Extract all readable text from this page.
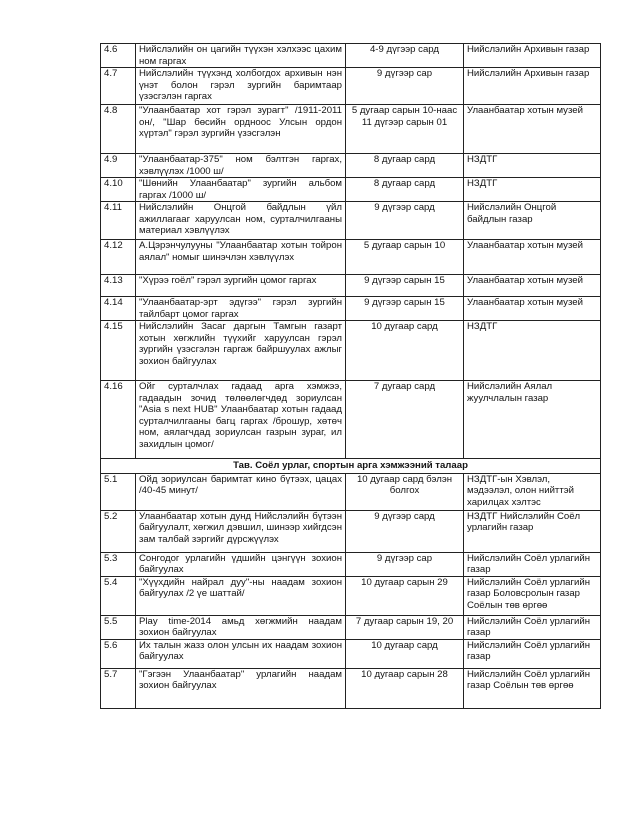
4.6	Нийслэлийн он цагийн түүхэн хэлхээс цахим ном гаргах	4-9 дүгээр сард	Нийслэлийн Архивын газар
4.7	Нийслэлийн түүхэнд холбогдох архивын нэн үнэт болон гэрэл зургийн баримтаар үзэсгэлэн гаргах	9 дүгээр сар	Нийслэлийн Архивын газар
4.8	"Улаанбаатар хот гэрэл зурагт" /1911-2011 он/, "Шар бөсийн ордноос Улсын ордон хүртэл" гэрэл зургийн үзэсгэлэн	5 дугаар сарын 10-наас 11 дүгээр сарын 01	Улаанбаатар хотын музей
4.9	"Улаанбаатар-375" ном бэлтгэн гаргах, хэвлүүлэх /1000 ш/	8 дугаар сард	НЗДТГ
4.10	"Шөнийн Улаанбаатар" зургийн альбом гаргах /1000 ш/	8 дугаар сард	НЗДТГ
4.11	Нийслэлийн Онцгой байдлын үйл ажиллагааг харуулсан ном, сурталчилгааны материал хэвлүүлэх	9 дүгээр сард	Нийслэлийн Онцгой байдлын газар
4.12	А.Цэрэнчулууны "Улаанбаатар хотын тойрон аялал" номыг шинэчлэн хэвлүүлэх	5 дугаар сарын 10	Улаанбаатар хотын музей
4.13	"Хүрээ гоёл" гэрэл зургийн цомог гаргах	9 дүгээр сарын 15	Улаанбаатар хотын музей
4.14	"Улаанбаатар-эрт эдүгээ" гэрэл зургийн тайлбарт цомог гаргах	9 дүгээр сарын 15	Улаанбаатар хотын музей
4.15	Нийслэлийн Засаг даргын Тамгын газарт хотын хөгжлийн түүхийг харуулсан гэрэл зургийн үзэсгэлэн гаргаж байршуулах ажлыг зохион байгуулах	10 дугаар сард	НЗДТГ
4.16	Ойг сурталчлах гадаад арга хэмжээ, гадаадын зочид төлөөлөгчдөд зориулсан "Asia s next HUB" Улаанбаатар хотын гадаад сурталчилгааны багц гаргах /брошур, хөтөч ном, аялагчдад зориулсан газрын зураг, ил захидлын цомог/	7 дугаар сард	Нийслэлийн Аялал жуулчлалын газар
Тав. Соёл урлаг, спортын арга хэмжээний талаар			
5.1	Ойд зориулсан баримтат кино бүтээх, цацах /40-45 минут/	10 дугаар сард бэлэн болгох	НЗДТГ-ын Хэвлэл, мэдээлэл, олон нийттэй харилцах хэлтэс
5.2	Улаанбаатар хотын дунд Нийслэлийн бүтээн байгуулалт, хөгжил дэвшил, шинээр хийгдсэн зам талбай зэргийг дүрсжүүлэх	9 дүгээр сард	НЗДТГ Нийслэлийн Соёл урлагийн газар
5.3	Сонгодог урлагийн үдшийн цэнгүүн зохион байгуулах	9 дүгээр сар	Нийслэлийн Соёл урлагийн газар
5.4	"Хүүхдийн найрал дуу"-ны наадам зохион байгуулах /2 үе шаттай/	10 дугаар сарын 29	Нийслэлийн Соёл урлагийн газар Боловсролын газар Соёлын төв өргөө
5.5	Play time-2014 амьд хөгжмийн наадам зохион байгуулах	7 дугаар сарын 19, 20	Нийслэлийн Соёл урлагийн газар
5.6	Их талын жазз олон улсын их наадам зохион байгуулах	10 дугаар сард	Нийслэлийн Соёл урлагийн газар
5.7	"Гэгээн Улаанбаатар" урлагийн наадам зохион байгуулах	10 дугаар сарын 28	Нийслэлийн Соёл урлагийн газар Соёлын төв өргөө
